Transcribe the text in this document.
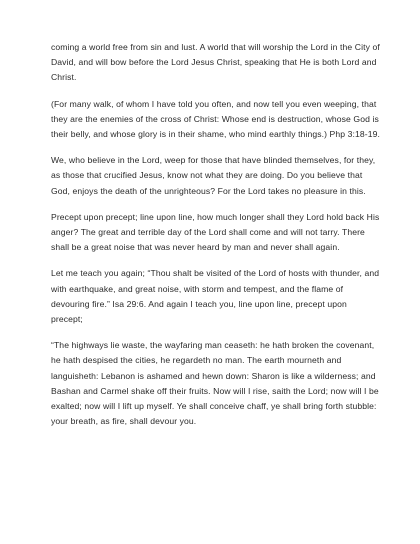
coming a world free from sin and lust. A world that will worship the Lord in the City of David, and will bow before the Lord Jesus Christ, speaking that He is both Lord and Christ.

(For many walk, of whom I have told you often, and now tell you even weeping, that they are the enemies of the cross of Christ: Whose end is destruction, whose God is their belly, and whose glory is in their shame, who mind earthly things.) Php 3:18-19.

We, who believe in the Lord, weep for those that have blinded themselves, for they, as those that crucified Jesus, know not what they are doing. Do you believe that God, enjoys the death of the unrighteous? For the Lord takes no pleasure in this.

Precept upon precept; line upon line, how much longer shall they Lord hold back His anger? The great and terrible day of the Lord shall come and will not tarry. There shall be a great noise that was never heard by man and never shall again.

Let me teach you again; “Thou shalt be visited of the Lord of hosts with thunder, and with earthquake, and great noise, with storm and tempest, and the flame of devouring fire.” Isa 29:6. And again I teach you, line upon line, precept upon precept;

“The highways lie waste, the wayfaring man ceaseth: he hath broken the covenant, he hath despised the cities, he regardeth no man. The earth mourneth and languisheth: Lebanon is ashamed and hewn down: Sharon is like a wilderness; and Bashan and Carmel shake off their fruits. Now will I rise, saith the Lord; now will I be exalted; now will I lift up myself. Ye shall conceive chaff, ye shall bring forth stubble: your breath, as fire, shall devour you.
